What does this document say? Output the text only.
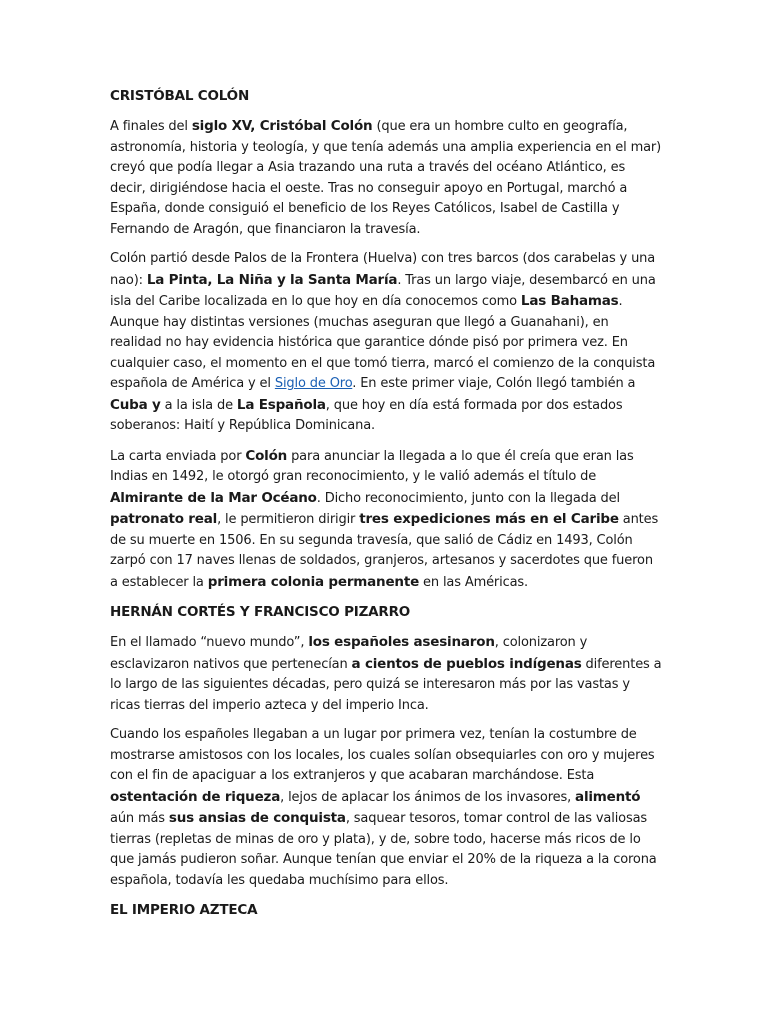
CRISTÓBAL COLÓN

A finales del siglo XV, Cristóbal Colón (que era un hombre culto en geografía, astronomía, historia y teología, y que tenía además una amplia experiencia en el mar) creyó que podía llegar a Asia trazando una ruta a través del océano Atlántico, es decir, dirigiéndose hacia el oeste. Tras no conseguir apoyo en Portugal, marchó a España, donde consiguió el beneficio de los Reyes Católicos, Isabel de Castilla y Fernando de Aragón, que financiaron la travesía.

Colón partió desde Palos de la Frontera (Huelva) con tres barcos (dos carabelas y una nao): La Pinta, La Niña y la Santa María. Tras un largo viaje, desembarcó en una isla del Caribe localizada en lo que hoy en día conocemos como Las Bahamas. Aunque hay distintas versiones (muchas aseguran que llegó a Guanahani), en realidad no hay evidencia histórica que garantice dónde pisó por primera vez. En cualquier caso, el momento en el que tomó tierra, marcó el comienzo de la conquista española de América y el Siglo de Oro. En este primer viaje, Colón llegó también a Cuba y a la isla de La Española, que hoy en día está formada por dos estados soberanos: Haití y República Dominicana.

La carta enviada por Colón para anunciar la llegada a lo que él creía que eran las Indias en 1492, le otorgó gran reconocimiento, y le valió además el título de Almirante de la Mar Océano. Dicho reconocimiento, junto con la llegada del patronato real, le permitieron dirigir tres expediciones más en el Caribe antes de su muerte en 1506. En su segunda travesía, que salió de Cádiz en 1493, Colón zarpó con 17 naves llenas de soldados, granjeros, artesanos y sacerdotes que fueron a establecer la primera colonia permanente en las Américas.

HERNÁN CORTÉS Y FRANCISCO PIZARRO

En el llamado “nuevo mundo”, los españoles asesinaron, colonizaron y esclavizaron nativos que pertenecían a cientos de pueblos indígenas diferentes a lo largo de las siguientes décadas, pero quizá se interesaron más por las vastas y ricas tierras del imperio azteca y del imperio Inca.

Cuando los españoles llegaban a un lugar por primera vez, tenían la costumbre de mostrarse amistosos con los locales, los cuales solían obsequiarles con oro y mujeres con el fin de apaciguar a los extranjeros y que acabaran marchándose. Esta ostentación de riqueza, lejos de aplacar los ánimos de los invasores, alimentó aún más sus ansias de conquista, saquear tesoros, tomar control de las valiosas tierras (repletas de minas de oro y plata), y de, sobre todo, hacerse más ricos de lo que jamás pudieron soñar. Aunque tenían que enviar el 20% de la riqueza a la corona española, todavía les quedaba muchísimo para ellos.

EL IMPERIO AZTECA
